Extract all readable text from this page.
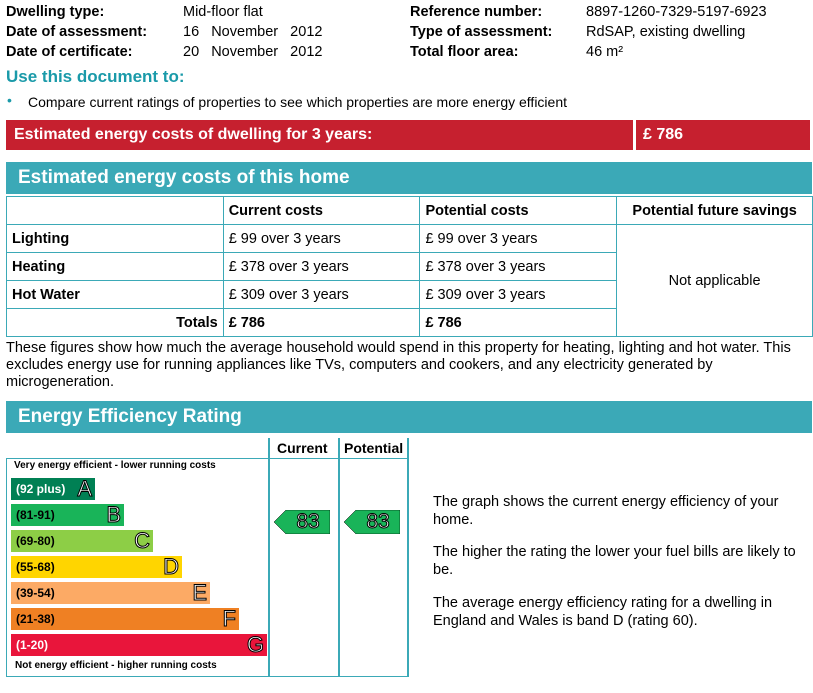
Dwelling type:	Mid-floor flat
Date of assessment: 16   November   2012
Date of certificate:	20   November   2012
Reference number:	8897-1260-7329-5197-6923
Type of assessment: RdSAP, existing dwelling
Total floor area:	46 m²
Use this document to:
• Compare current ratings of properties to see which properties are more energy efficient
Estimated energy costs of dwelling for 3 years:	£ 786
Estimated energy costs of this home
	Current costs	Potential costs	Potential future savings
Lighting	£ 99 over 3 years	£ 99 over 3 years	Not applicable
Heating	£ 378 over 3 years	£ 378 over 3 years	
Hot Water	£ 309 over 3 years	£ 309 over 3 years	
Totals	£ 786	£ 786	
These figures show how much the average household would spend in this property for heating, lighting and hot water. This excludes energy use for running appliances like TVs, computers and cookers, and any electricity generated by microgeneration.
Energy Efficiency Rating
Current Potential
Very energy efficient - lower running costs
(92 plus) A
(81-91) B
(69-80)	C
(55-68)	D
(39-54)	E
(21-38)	F
(1-20)	G
Not energy efficient - higher running costs
83	83
The graph shows the current energy efficiency of your home.
The higher the rating the lower your fuel bills are likely to be.
The average energy efficiency rating for a dwelling in England and Wales is band D (rating 60).
